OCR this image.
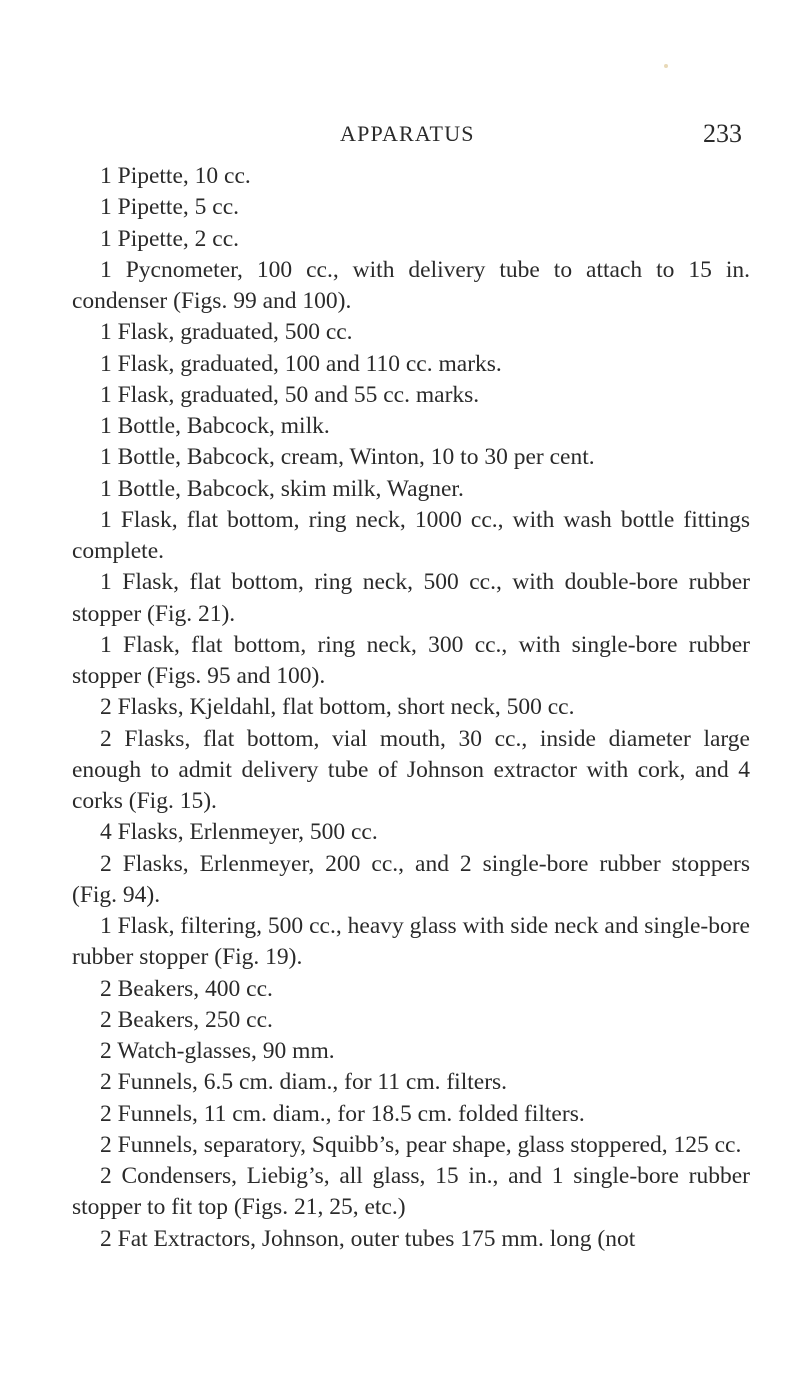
APPARATUS	233

1 Pipette, 10 cc.

1 Pipette, 5 cc.

1 Pipette, 2 cc.

1 Pycnometer, 100 cc., with delivery tube to attach to 15 in. condenser (Figs. 99 and 100).

1 Flask, graduated, 500 cc.

1 Flask, graduated, 100 and 110 cc. marks.

1 Flask, graduated, 50 and 55 cc. marks.

1 Bottle, Babcock, milk.

1 Bottle, Babcock, cream, Winton, 10 to 30 per cent.

1 Bottle, Babcock, skim milk, Wagner.

1 Flask, flat bottom, ring neck, 1000 cc., with wash bottle fittings complete.

1 Flask, flat bottom, ring neck, 500 cc., with double-bore rubber stopper (Fig. 21).

1 Flask, flat bottom, ring neck, 300 cc., with single-bore rubber stopper (Figs. 95 and 100).

2 Flasks, Kjeldahl, flat bottom, short neck, 500 cc.

2 Flasks, flat bottom, vial mouth, 30 cc., inside diameter large enough to admit delivery tube of Johnson extractor with cork, and 4 corks (Fig. 15).

4 Flasks, Erlenmeyer, 500 cc.

2 Flasks, Erlenmeyer, 200 cc., and 2 single-bore rubber stoppers (Fig. 94).

1 Flask, filtering, 500 cc., heavy glass with side neck and single-bore rubber stopper (Fig. 19).

2 Beakers, 400 cc.

2 Beakers, 250 cc.

2 Watch-glasses, 90 mm.

2 Funnels, 6.5 cm. diam., for 11 cm. filters.

2 Funnels, 11 cm. diam., for 18.5 cm. folded filters.

2 Funnels, separatory, Squibb’s, pear shape, glass stoppered, 125 cc.

2 Condensers, Liebig’s, all glass, 15 in., and 1 single-bore rubber stopper to fit top (Figs. 21, 25, etc.)

2 Fat Extractors, Johnson, outer tubes 175 mm. long (not
